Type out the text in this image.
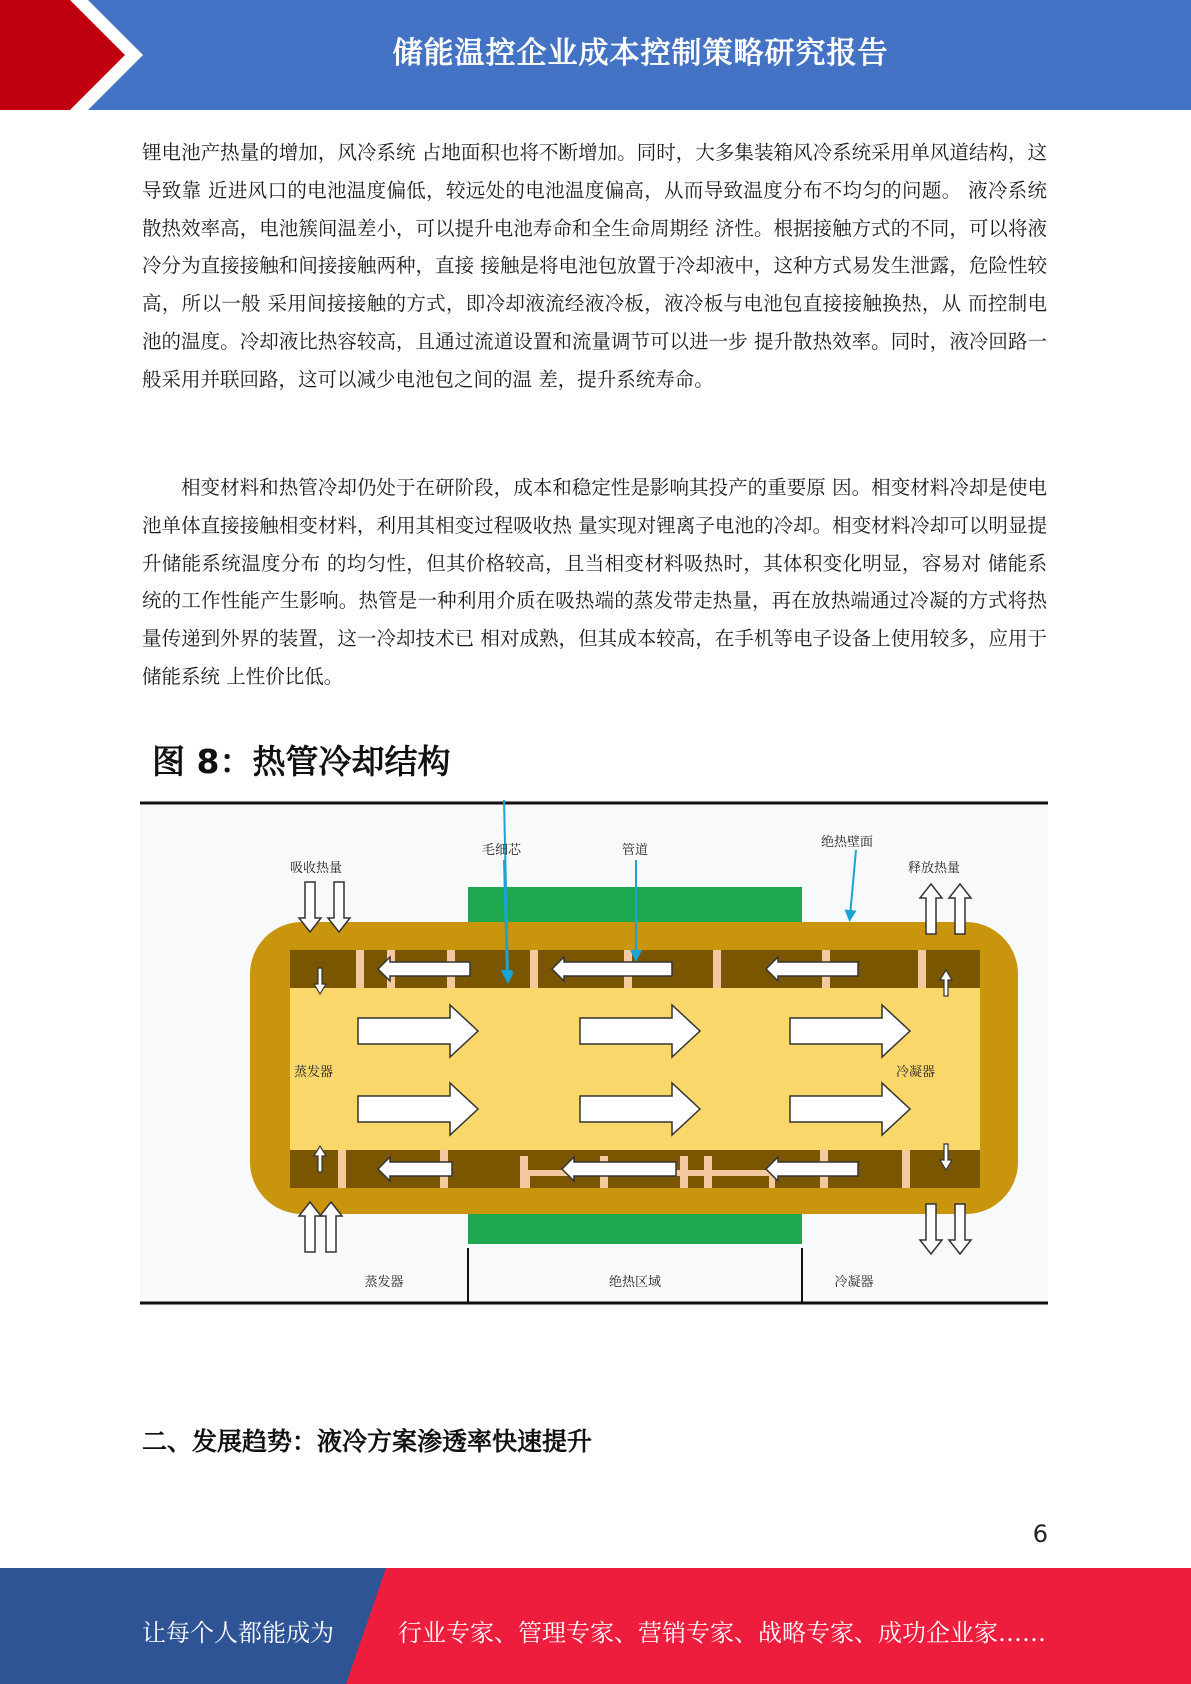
储能温控企业成本控制策略研究报告

锂电池产热量的增加，风冷系统 占地面积也将不断增加。同时，大多集装箱风冷系统采用单风道结构，这导致靠 近进风口的电池温度偏低，较远处的电池温度偏高，从而导致温度分布不均匀的问题。 液冷系统散热效率高，电池簇间温差小，可以提升电池寿命和全生命周期经 济性。根据接触方式的不同，可以将液冷分为直接接触和间接接触两种，直接 接触是将电池包放置于冷却液中，这种方式易发生泄露，危险性较高，所以一般 采用间接接触的方式，即冷却液流经液冷板，液冷板与电池包直接接触换热，从 而控制电池的温度。冷却液比热容较高，且通过流道设置和流量调节可以进一步 提升散热效率。同时，液冷回路一般采用并联回路，这可以减少电池包之间的温 差，提升系统寿命。

相变材料和热管冷却仍处于在研阶段，成本和稳定性是影响其投产的重要原 因。相变材料冷却是使电池单体直接接触相变材料，利用其相变过程吸收热 量实现对锂离子电池的冷却。相变材料冷却可以明显提升储能系统温度分布 的均匀性，但其价格较高，且当相变材料吸热时，其体积变化明显，容易对 储能系统的工作性能产生影响。热管是一种利用介质在吸热端的蒸发带走热量，再在放热端通过冷凝的方式将热量传递到外界的装置，这一冷却技术已 相对成熟，但其成本较高，在手机等电子设备上使用较多，应用于储能系统 上性价比低。

图 8：热管冷却结构
吸收热量
毛细芯	管道
绝热壁面
释放热量
蒸发器	冷凝器
蒸发器	绝热区域	冷凝器
二、发展趋势：液冷方案渗透率快速提升
6
让每个人都能成为	行业专家、管理专家、营销专家、战略专家、成功企业家……
